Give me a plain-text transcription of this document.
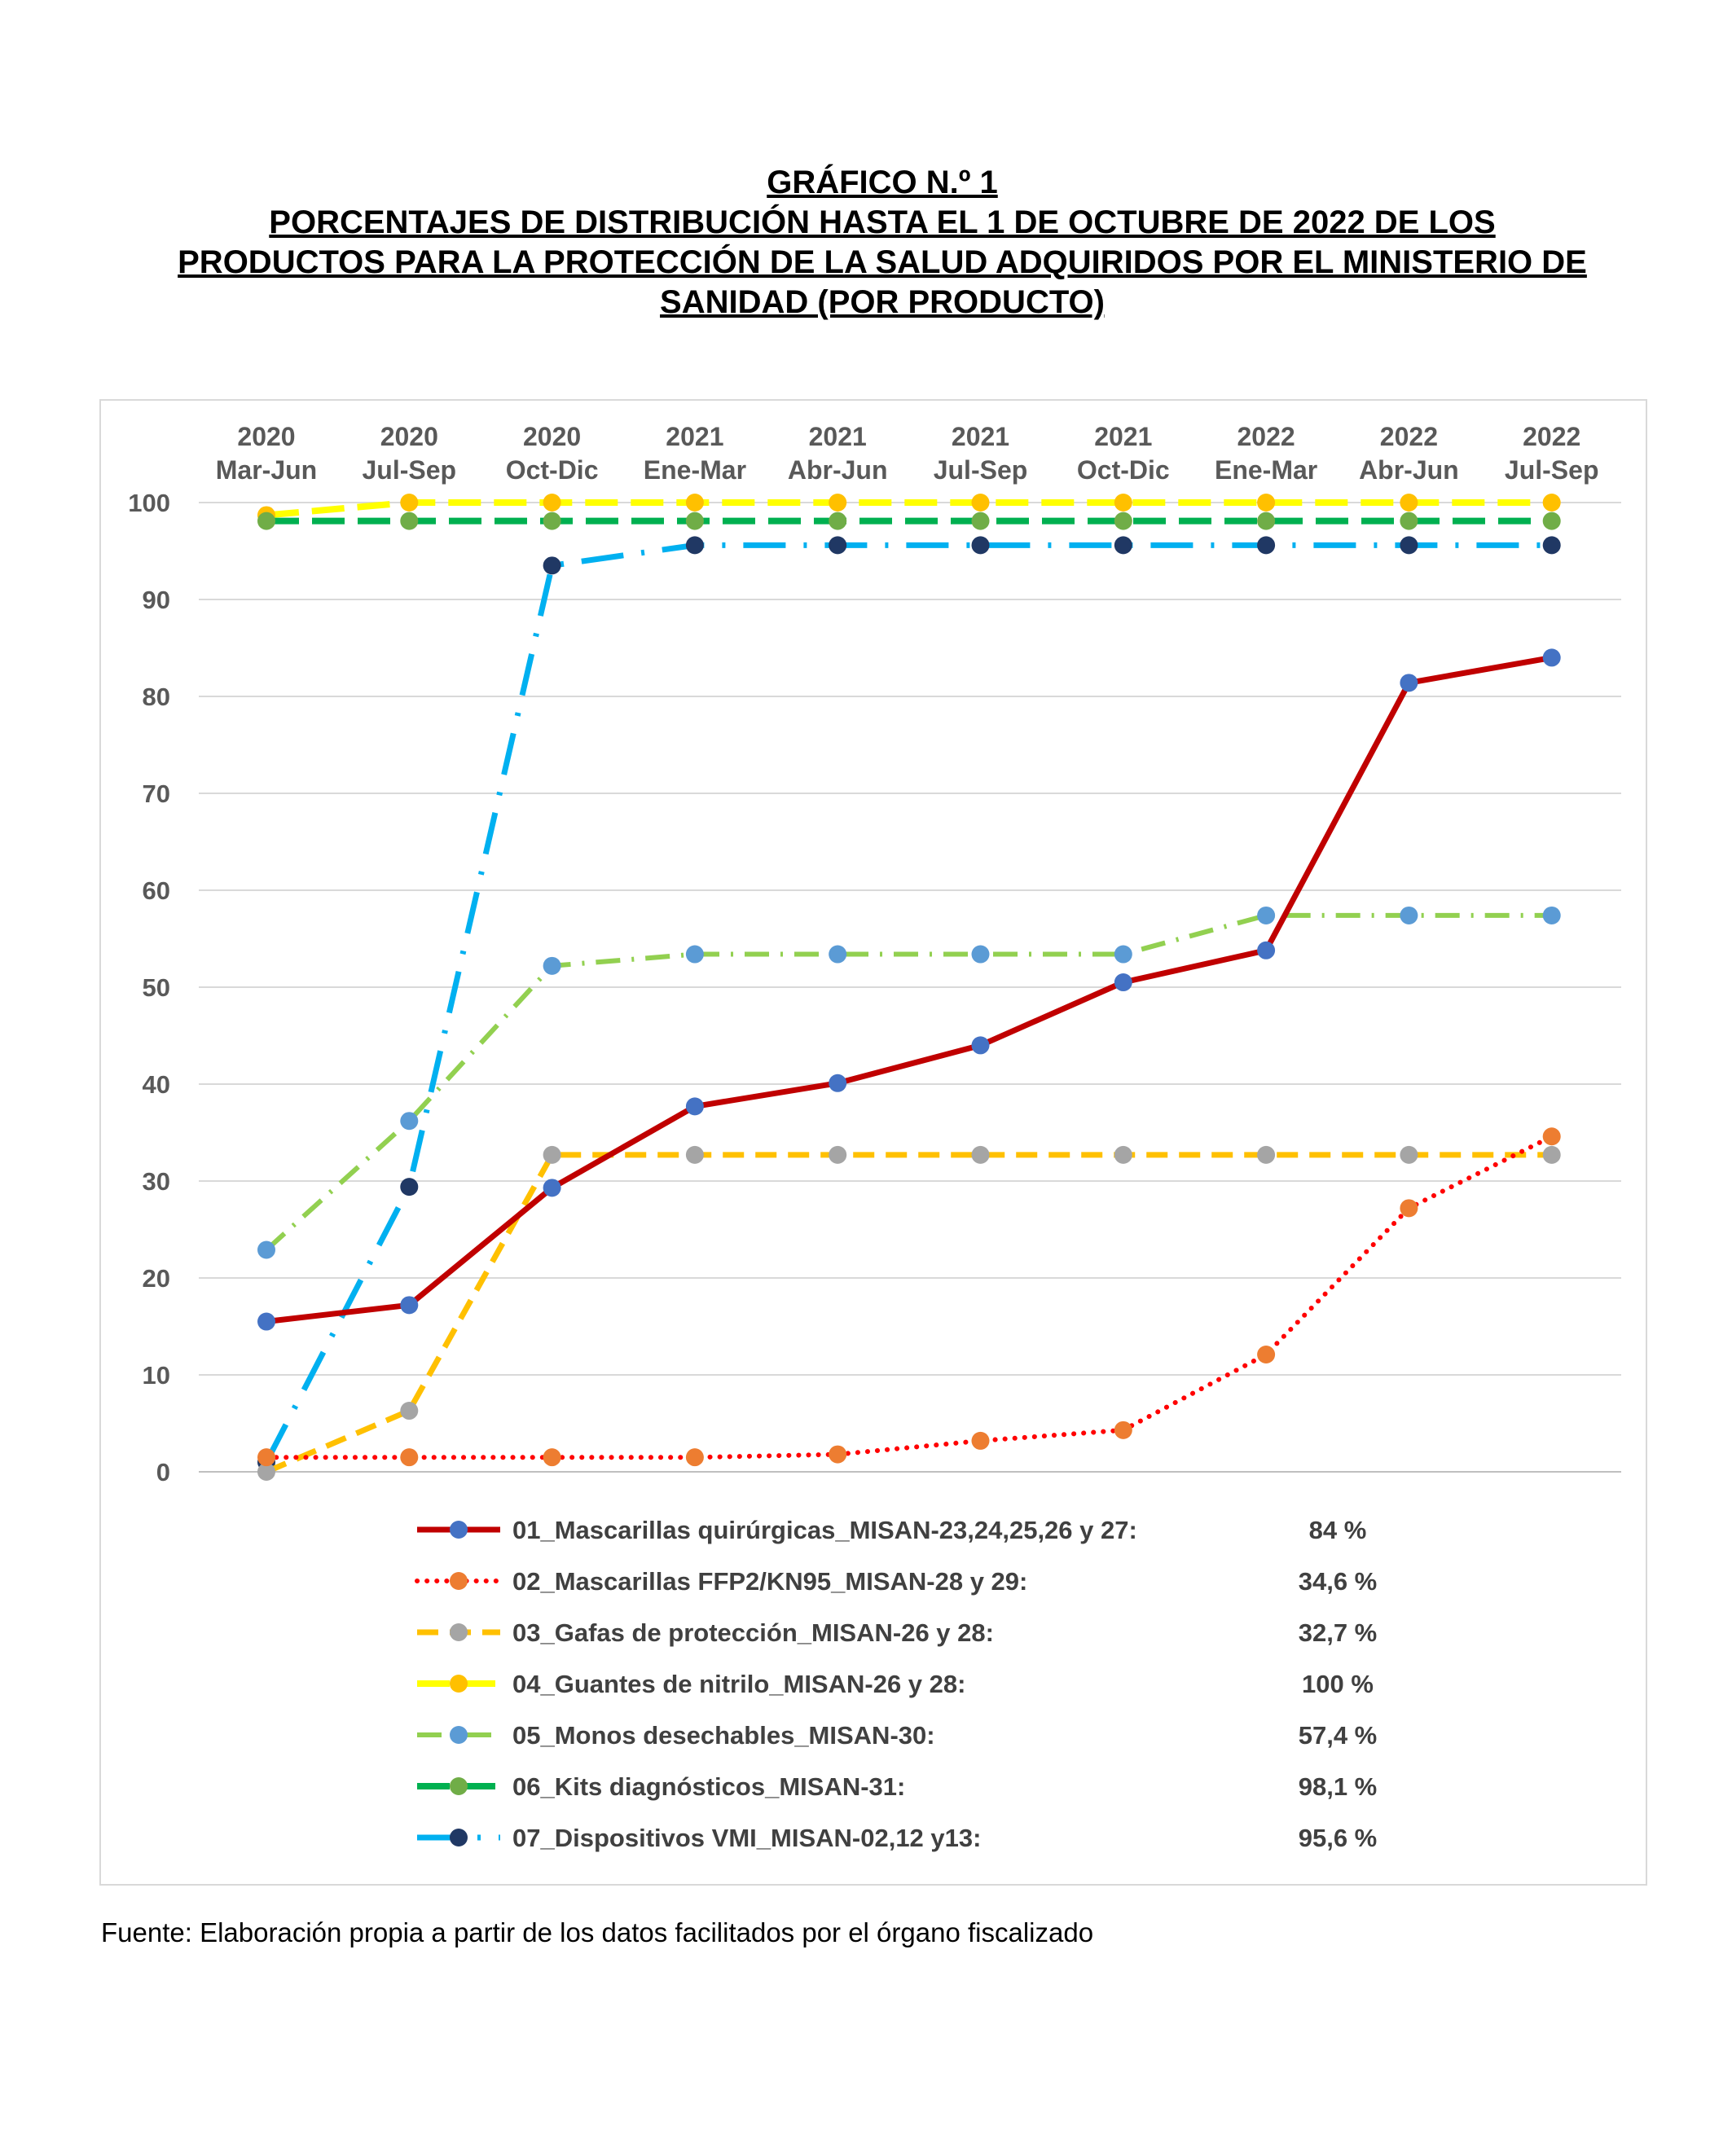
GRÁFICO N.º 1
PORCENTAJES DE DISTRIBUCIÓN HASTA EL 1 DE OCTUBRE DE 2022 DE LOS
PRODUCTOS PARA LA PROTECCIÓN DE LA SALUD ADQUIRIDOS POR EL MINISTERIO DE
SANIDAD (POR PRODUCTO)
0
10
20
30
40
50
60
70
80
90
100
2020
Mar-Jun
2020
Jul-Sep
2020
Oct-Dic
2021
Ene-Mar
2021
Abr-Jun
2021
Jul-Sep
2021
Oct-Dic
2022
Ene-Mar
2022
Abr-Jun
2022
Jul-Sep
01_Mascarillas quirúrgicas_MISAN-23,24,25,26 y 27:	84 %
02_Mascarillas FFP2/KN95_MISAN-28 y 29:	34,6 %
03_Gafas de protección_MISAN-26 y 28:	32,7 %
04_Guantes de nitrilo_MISAN-26 y 28:	100 %
05_Monos desechables_MISAN-30:	57,4 %
06_Kits diagnósticos_MISAN-31:	98,1 %
07_Dispositivos VMI_MISAN-02,12 y13:	95,6 %
Fuente: Elaboración propia a partir de los datos facilitados por el órgano fiscalizado
